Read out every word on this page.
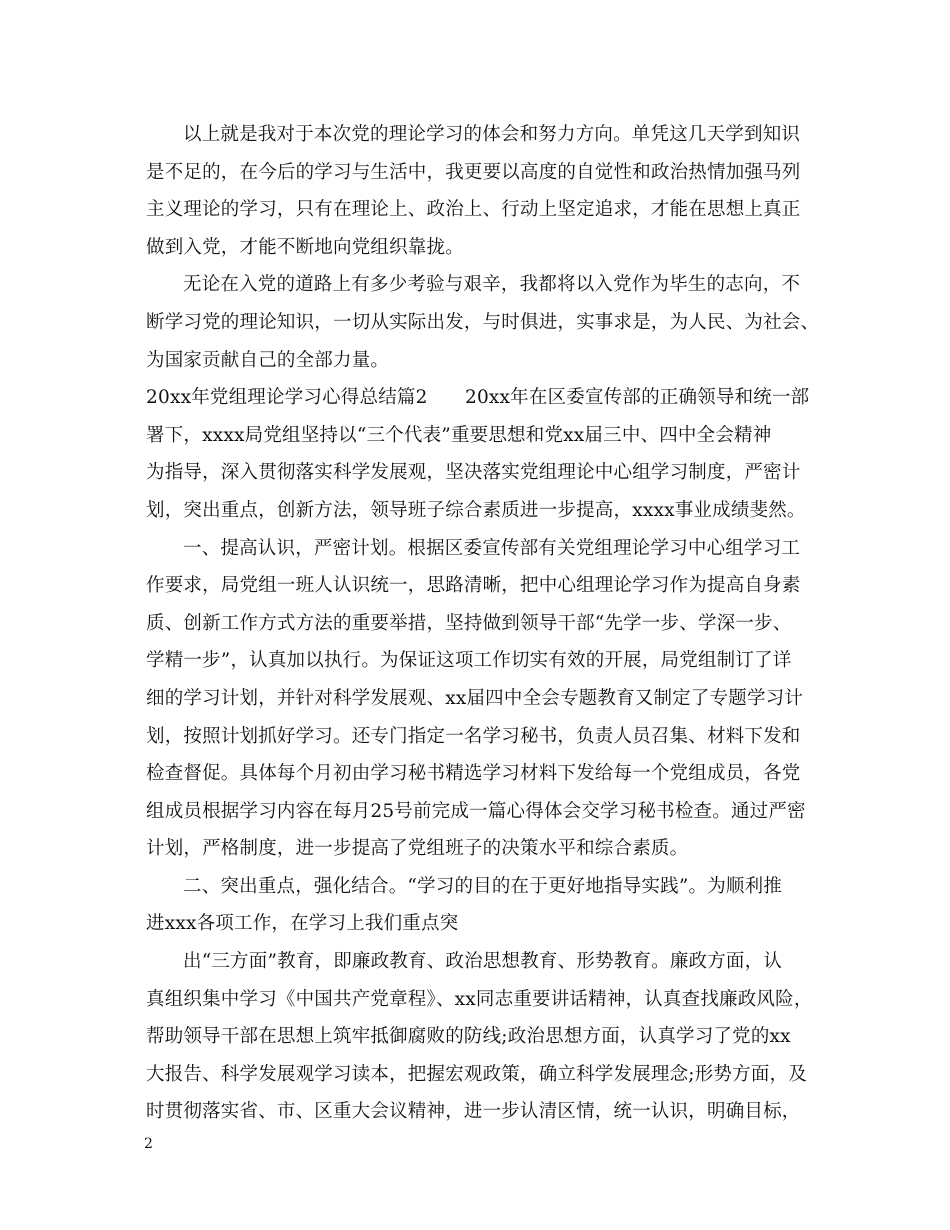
以上就是我对于本次党的理论学习的体会和努力方向。单凭这几天学到知识
是不足的，在今后的学习与生活中，我更要以高度的自觉性和政治热情加强马列
主义理论的学习，只有在理论上、政治上、行动上坚定追求，才能在思想上真正
做到入党，才能不断地向党组织靠拢。
无论在入党的道路上有多少考验与艰辛，我都将以入党作为毕生的志向，不
断学习党的理论知识，一切从实际出发，与时俱进，实事求是，为人民、为社会、
为国家贡献自己的全部力量。
20xx年党组理论学习心得总结篇2　　20xx年在区委宣传部的正确领导和统一部
署下，xxxx局党组坚持以“三个代表”重要思想和党xx届三中、四中全会精神
为指导，深入贯彻落实科学发展观，坚决落实党组理论中心组学习制度，严密计
划，突出重点，创新方法，领导班子综合素质进一步提高，xxxx事业成绩斐然。
一、提高认识，严密计划。根据区委宣传部有关党组理论学习中心组学习工
作要求，局党组一班人认识统一，思路清晰，把中心组理论学习作为提高自身素
质、创新工作方式方法的重要举措，坚持做到领导干部“先学一步、学深一步、
学精一步”，认真加以执行。为保证这项工作切实有效的开展，局党组制订了详
细的学习计划，并针对科学发展观、xx届四中全会专题教育又制定了专题学习计
划，按照计划抓好学习。还专门指定一名学习秘书，负责人员召集、材料下发和
检查督促。具体每个月初由学习秘书精选学习材料下发给每一个党组成员，各党
组成员根据学习内容在每月25号前完成一篇心得体会交学习秘书检查。通过严密
计划，严格制度，进一步提高了党组班子的决策水平和综合素质。
二、突出重点，强化结合。“学习的目的在于更好地指导实践”。为顺利推
进xxx各项工作，在学习上我们重点突
出“三方面”教育，即廉政教育、政治思想教育、形势教育。廉政方面，认
真组织集中学习《中国共产党章程》、xx同志重要讲话精神，认真查找廉政风险，
帮助领导干部在思想上筑牢抵御腐败的防线;政治思想方面，认真学习了党的xx
大报告、科学发展观学习读本，把握宏观政策，确立科学发展理念;形势方面，及
时贯彻落实省、市、区重大会议精神，进一步认清区情，统一认识，明确目标，
2
